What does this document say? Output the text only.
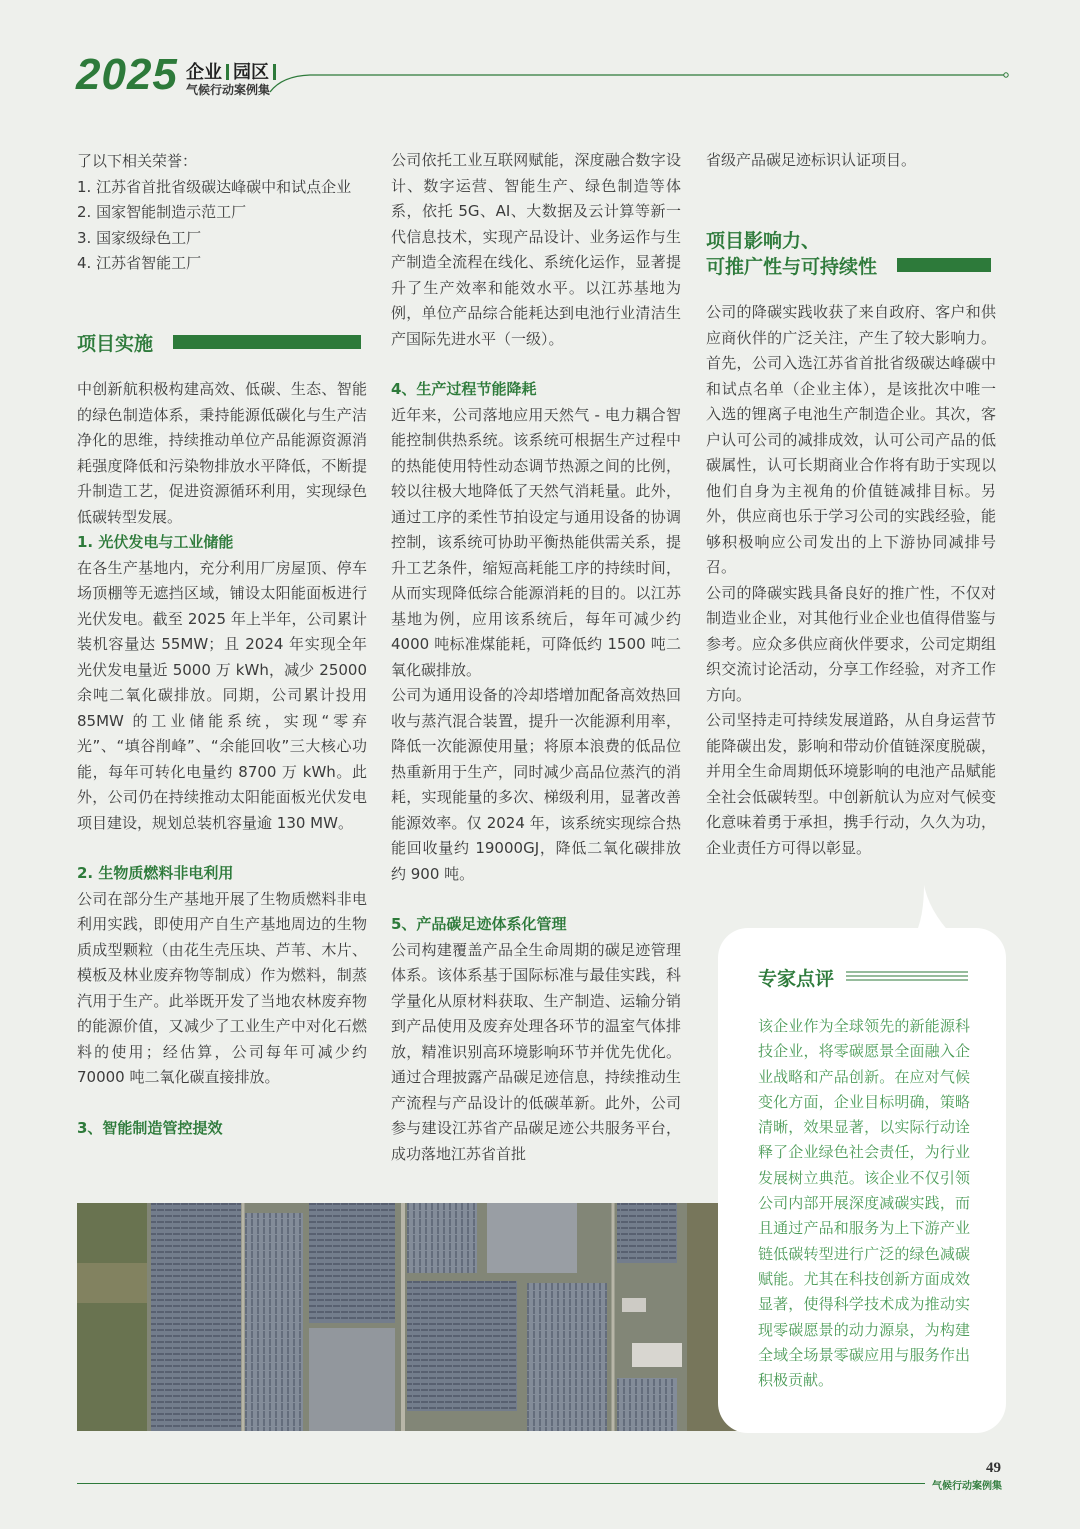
2025 企业 园区
气候行动案例集
了以下相关荣誉：
1. 江苏省首批省级碳达峰碳中和试点企业
2. 国家智能制造示范工厂
3. 国家级绿色工厂
4. 江苏省智能工厂
项目实施
中创新航积极构建高效、低碳、生态、智能的绿色制造体系，秉持能源低碳化与生产洁净化的思维，持续推动单位产品能源资源消耗强度降低和污染物排放水平降低，不断提升制造工艺，促进资源循环利用，实现绿色低碳转型发展。
1. 光伏发电与工业储能
在各生产基地内，充分利用厂房屋顶、停车场顶棚等无遮挡区域，铺设太阳能面板进行光伏发电。截至 2025 年上半年，公司累计装机容量达 55MW；且 2024 年实现全年光伏发电量近 5000 万 kWh，减少 25000 余吨二氧化碳排放。同期，公司累计投用 85MW 的工业储能系统，实现“零弃光”、“填谷削峰”、“余能回收”三大核心功能，每年可转化电量约 8700 万 kWh。此外，公司仍在持续推动太阳能面板光伏发电项目建设，规划总装机容量逾 130 MW。
2. 生物质燃料非电利用
公司在部分生产基地开展了生物质燃料非电利用实践，即使用产自生产基地周边的生物质成型颗粒（由花生壳压块、芦苇、木片、模板及林业废弃物等制成）作为燃料，制蒸汽用于生产。此举既开发了当地农林废弃物的能源价值，又减少了工业生产中对化石燃料的使用；经估算，公司每年可减少约 70000 吨二氧化碳直接排放。
3、智能制造管控提效
公司依托工业互联网赋能，深度融合数字设计、数字运营、智能生产、绿色制造等体系，依托 5G、AI、大数据及云计算等新一代信息技术，实现产品设计、业务运作与生产制造全流程在线化、系统化运作，显著提升了生产效率和能效水平。以江苏基地为例，单位产品综合能耗达到电池行业清洁生产国际先进水平（一级）。
4、生产过程节能降耗
近年来，公司落地应用天然气 - 电力耦合智能控制供热系统。该系统可根据生产过程中的热能使用特性动态调节热源之间的比例，较以往极大地降低了天然气消耗量。此外，通过工序的柔性节拍设定与通用设备的协调控制，该系统可协助平衡热能供需关系，提升工艺条件，缩短高耗能工序的持续时间，从而实现降低综合能源消耗的目的。以江苏基地为例，应用该系统后，每年可减少约 4000 吨标准煤能耗，可降低约 1500 吨二氧化碳排放。
公司为通用设备的冷却塔增加配备高效热回收与蒸汽混合装置，提升一次能源利用率，降低一次能源使用量；将原本浪费的低品位热重新用于生产，同时减少高品位蒸汽的消耗，实现能量的多次、梯级利用，显著改善能源效率。仅 2024 年，该系统实现综合热能回收量约 19000GJ，降低二氧化碳排放约 900 吨。
5、产品碳足迹体系化管理
公司构建覆盖产品全生命周期的碳足迹管理体系。该体系基于国际标准与最佳实践，科学量化从原材料获取、生产制造、运输分销到产品使用及废弃处理各环节的温室气体排放，精准识别高环境影响环节并优先优化。通过合理披露产品碳足迹信息，持续推动生产流程与产品设计的低碳革新。此外，公司参与建设江苏省产品碳足迹公共服务平台，成功落地江苏省首批
省级产品碳足迹标识认证项目。
项目影响力、
可推广性与可持续性
公司的降碳实践收获了来自政府、客户和供应商伙伴的广泛关注，产生了较大影响力。首先，公司入选江苏省首批省级碳达峰碳中和试点名单（企业主体），是该批次中唯一入选的锂离子电池生产制造企业。其次，客户认可公司的减排成效，认可公司产品的低碳属性，认可长期商业合作将有助于实现以他们自身为主视角的价值链减排目标。另外，供应商也乐于学习公司的实践经验，能够积极响应公司发出的上下游协同减排号召。
公司的降碳实践具备良好的推广性，不仅对制造业企业，对其他行业企业也值得借鉴与参考。应众多供应商伙伴要求，公司定期组织交流讨论活动，分享工作经验，对齐工作方向。
公司坚持走可持续发展道路，从自身运营节能降碳出发，影响和带动价值链深度脱碳，并用全生命周期低环境影响的电池产品赋能全社会低碳转型。中创新航认为应对气候变化意味着勇于承担，携手行动，久久为功，企业责任方可得以彰显。
专家点评
该企业作为全球领先的新能源科技企业，将零碳愿景全面融入企业战略和产品创新。在应对气候变化方面，企业目标明确，策略清晰，效果显著，以实际行动诠释了企业绿色社会责任，为行业发展树立典范。该企业不仅引领公司内部开展深度减碳实践，而且通过产品和服务为上下游产业链低碳转型进行广泛的绿色减碳赋能。尤其在科技创新方面成效显著，使得科学技术成为推动实现零碳愿景的动力源泉，为构建全域全场景零碳应用与服务作出积极贡献。
49
气候行动案例集
